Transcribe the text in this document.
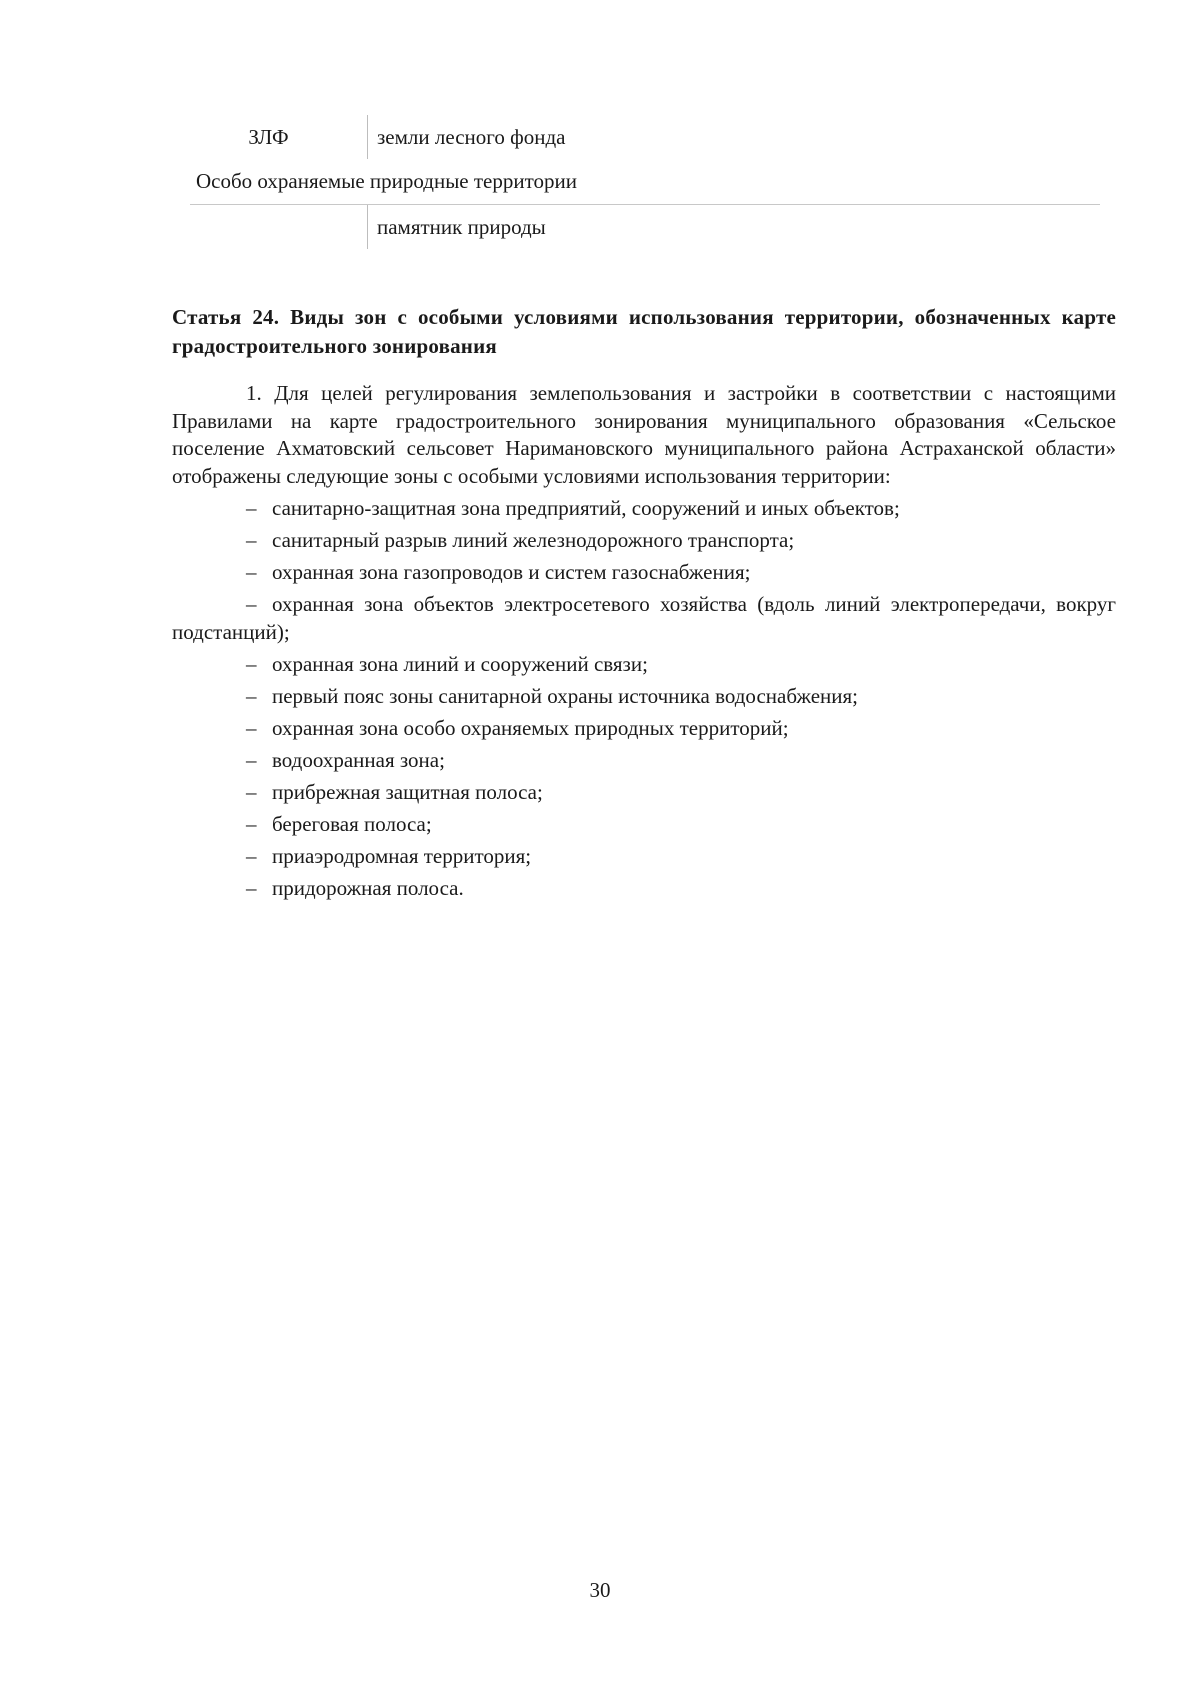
ЗЛФ	земли лесного фонда
Особо охраняемые природные территории
памятник природы
Статья 24. Виды зон с особыми условиями использования территории, обозначенных карте градостроительного зонирования

1. Для целей регулирования землепользования и застройки в соответствии с настоящими Правилами на карте градостроительного зонирования муниципального образования «Сельское поселение Ахматовский сельсовет Наримановского муниципального района Астраханской области» отображены следующие зоны с особыми условиями использования территории:

– санитарно-защитная зона предприятий, сооружений и иных объектов;
– санитарный разрыв линий железнодорожного транспорта;
– охранная зона газопроводов и систем газоснабжения;
– охранная зона объектов электросетевого хозяйства (вдоль линий электропередачи, вокруг подстанций);
– охранная зона линий и сооружений связи;
– первый пояс зоны санитарной охраны источника водоснабжения;
– охранная зона особо охраняемых природных территорий;
– водоохранная зона;
– прибрежная защитная полоса;
– береговая полоса;
– приаэродромная территория;
– придорожная полоса.
30
